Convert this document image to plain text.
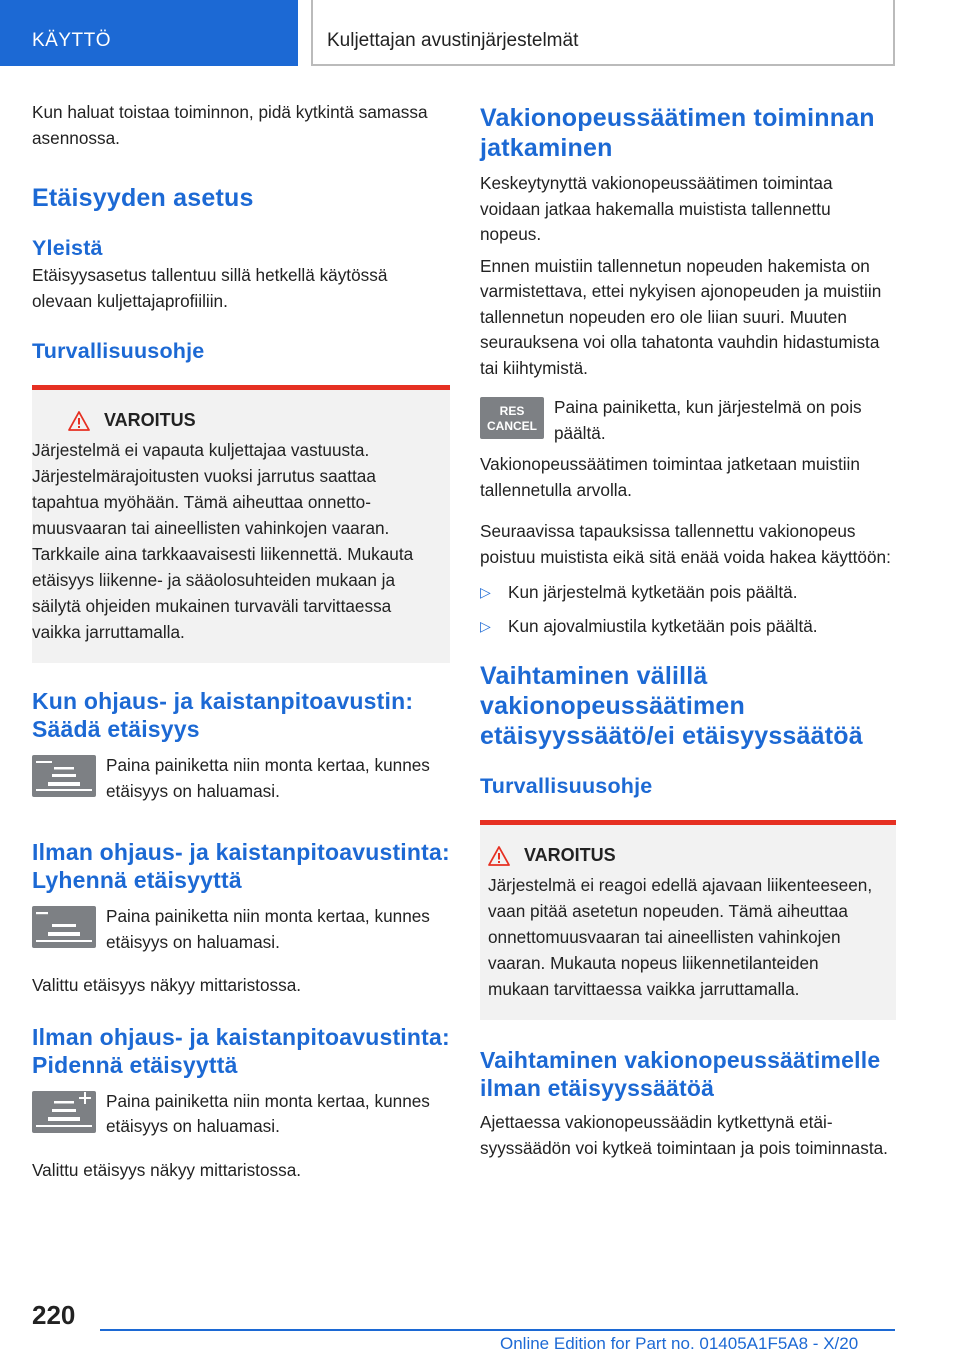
KÄYTTÖ	Kuljettajan avustinjärjestelmät

Kun haluat toistaa toiminnon, pidä kytkintä samassa asennossa.

Etäisyyden asetus
Yleistä

Etäisyysasetus tallentuu sillä hetkellä käytössä olevaan kuljettajaprofiiliin.

Turvallisuusohje
VAROITUS

Järjestelmä ei vapauta kuljettajaa vastuusta. Järjestelmärajoitusten vuoksi jarrutus saattaa tapahtua myöhään. Tämä aiheuttaa onnettomuusvaaran tai aineellisten vahinkojen vaaran. Tarkkaile aina tarkkaavaisesti liikennettä. Mukauta etäisyys liikenne- ja sääolosuhteiden mukaan ja säilytä ohjeiden mukainen turvaväli tarvittaessa vaikka jarruttamalla.

Kun ohjaus- ja kaistanpitoavustin: Säädä etäisyys

Paina painiketta niin monta kertaa, kunnes etäisyys on haluamasi.

Ilman ohjaus- ja kaistanpitoavustinta: Lyhennä etäisyyttä

Paina painiketta niin monta kertaa, kunnes etäisyys on haluamasi.

Valittu etäisyys näkyy mittaristossa.

Ilman ohjaus- ja kaistanpitoavustinta: Pidennä etäisyyttä

Paina painiketta niin monta kertaa, kunnes etäisyys on haluamasi.

Valittu etäisyys näkyy mittaristossa.

Vakionopeussäätimen toiminnan jatkaminen

Keskeytynyttä vakionopeussäätimen toimintaa voidaan jatkaa hakemalla muistista tallennettu nopeus.

Ennen muistiin tallennetun nopeuden hakemista on varmistettava, ettei nykyisen ajonopeuden ja muistiin tallennetun nopeuden ero ole liian suuri. Muuten seurauksena voi olla tahatonta vauhdin hidastumista tai kiihtymistä.

RES
CANCEL

Paina painiketta, kun järjestelmä on pois päältä.

Vakionopeussäätimen toimintaa jatketaan muistiin tallennetulla arvolla.

Seuraavissa tapauksissa tallennettu vakionopeus poistuu muistista eikä sitä enää voida hakea käyttöön:

▷	Kun järjestelmä kytketään pois päältä.

▷	Kun ajovalmiustila kytketään pois päältä.

Vaihtaminen välillä vakionopeussäätimen etäisyyssäätö/ei etäisyyssäätöä
Turvallisuusohje
VAROITUS

Järjestelmä ei reagoi edellä ajavaan liikenteeseen, vaan pitää asetetun nopeuden. Tämä aiheuttaa onnettomuusvaaran tai aineellisten vahinkojen vaaran. Mukauta nopeus liikennetilanteiden mukaan tarvittaessa vaikka jarruttamalla.

Vaihtaminen vakionopeussäätimelle ilman etäisyyssäätöä

Ajettaessa vakionopeussäädin kytkettynä etäisyyssäädön voi kytkeä toimintaan ja pois toiminnasta.

220
Online Edition for Part no. 01405A1F5A8 - X/20
